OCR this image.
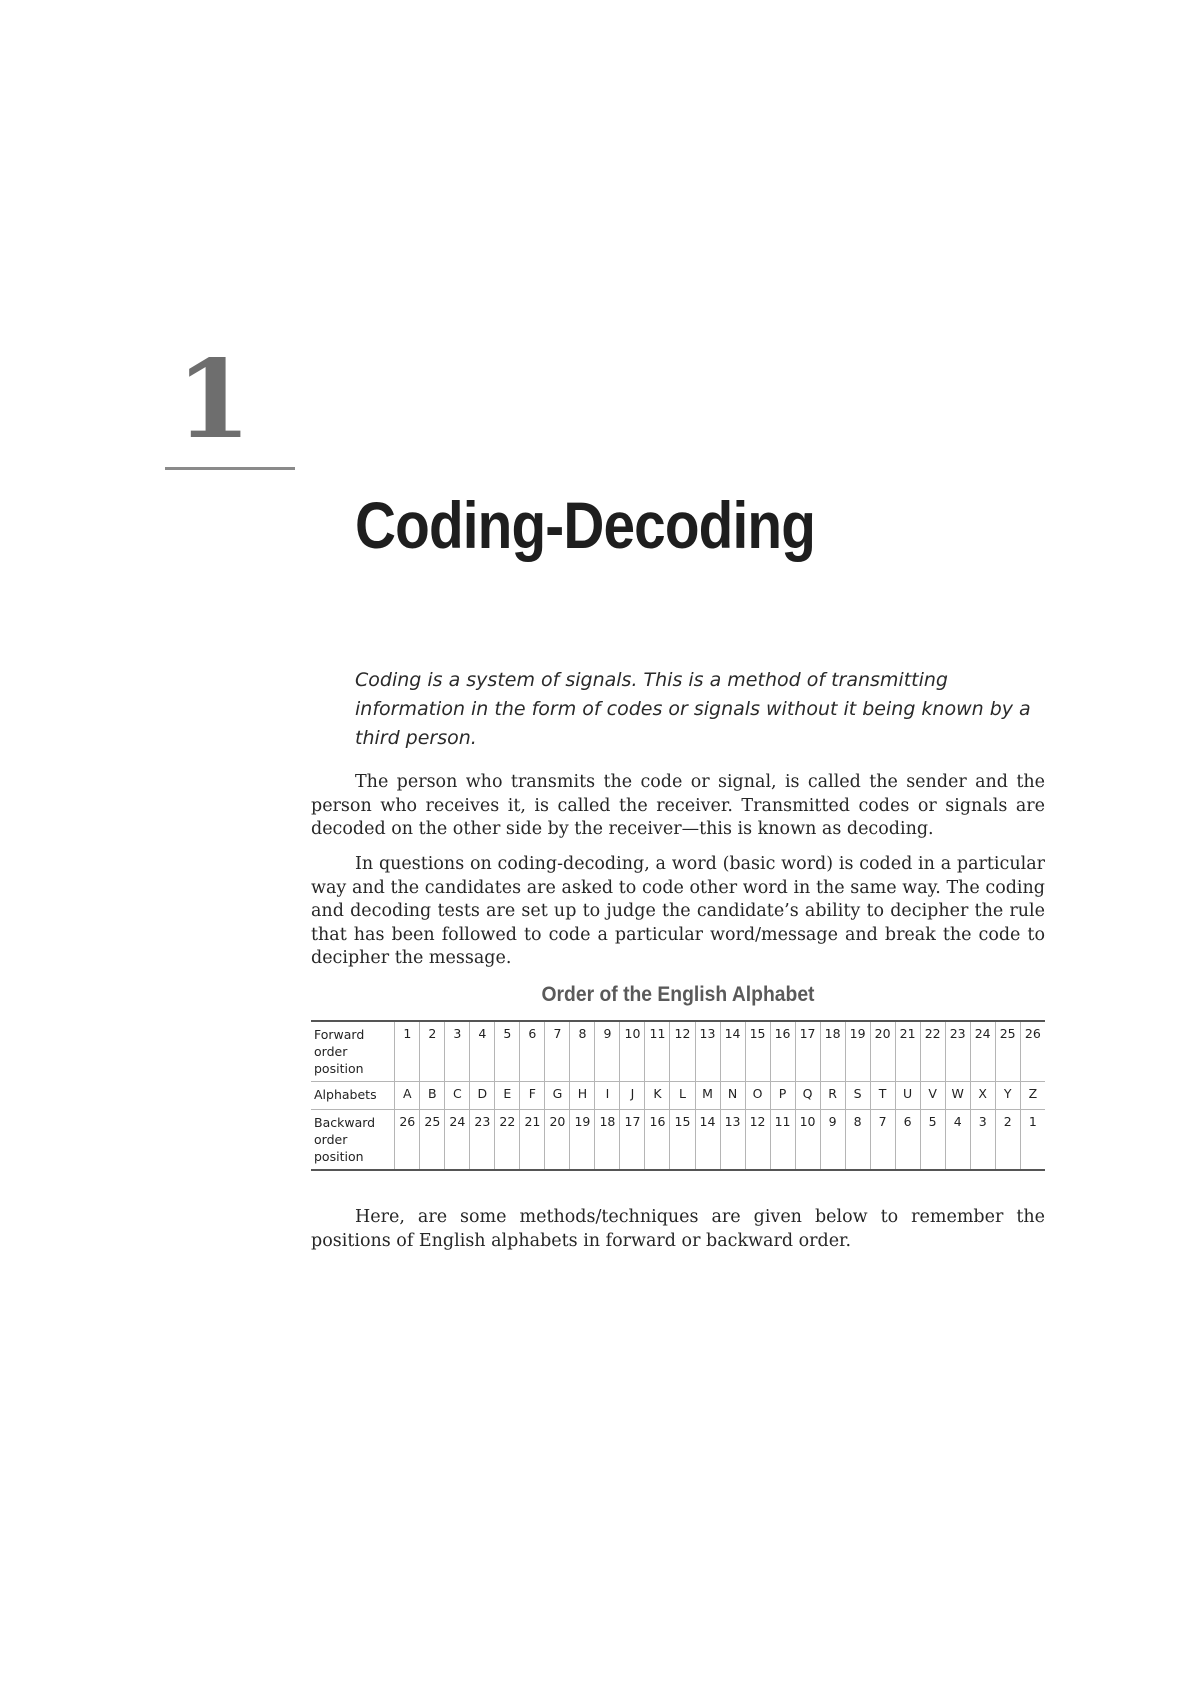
1
Coding-Decoding
Coding is a system of signals. This is a method of transmitting information in the form of codes or signals without it being known by a third person.

The person who transmits the code or signal, is called the sender and the person who receives it, is called the receiver. Transmitted codes or signals are decoded on the other side by the receiver—this is known as decoding.

In questions on coding-decoding, a word (basic word) is coded in a particular way and the candidates are asked to code other word in the same way. The coding and decoding tests are set up to judge the candidate’s ability to decipher the rule that has been followed to code a particular word/message and break the code to decipher the message.

Order of the English Alphabet
Forward order position	1	2	3	4	5	6	7	8	9	10	11	12	13	14	15	16	17	18	19	20	21	22	23	24	25	26
Alphabets	A	B	C	D	E	F	G	H	I	J	K	L	M	N	O	P	Q	R	S	T	U	V	W	X	Y	Z
Backward order position	26	25	24	23	22	21	20	19	18	17	16	15	14	13	12	11	10	9	8	7	6	5	4	3	2	1

Here, are some methods/techniques are given below to remember the positions of English alphabets in forward or backward order.
